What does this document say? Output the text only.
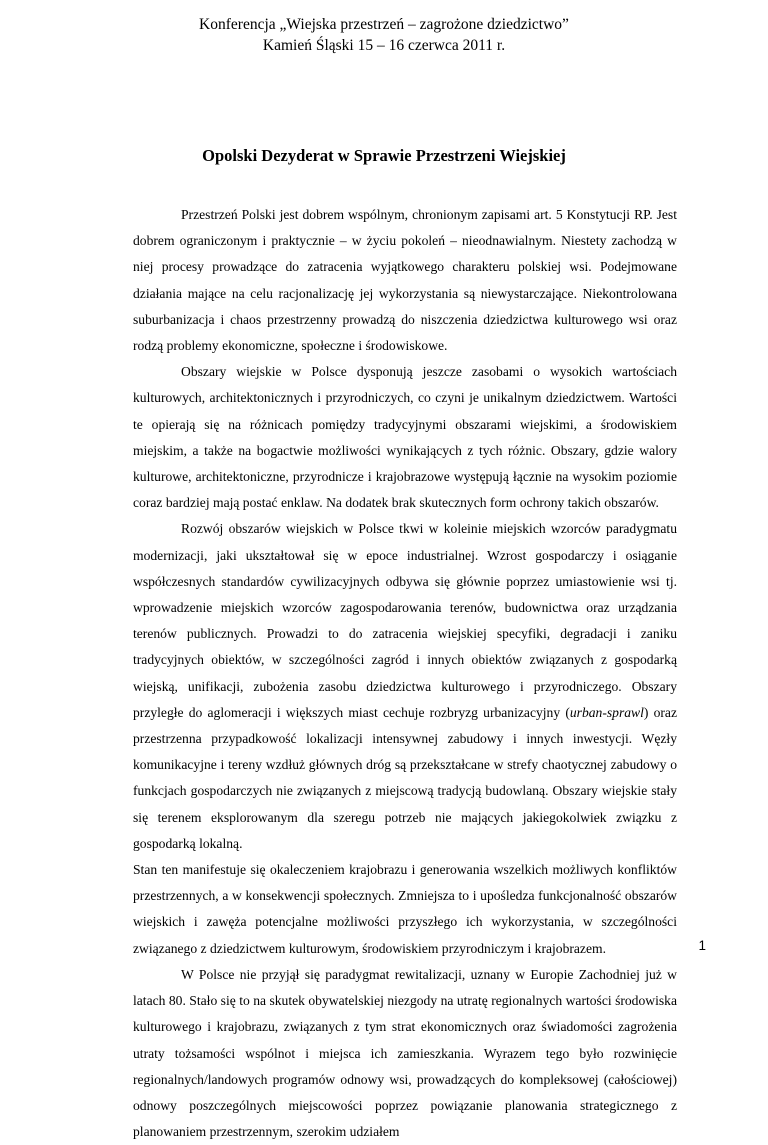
Konferencja „Wiejska przestrzeń – zagrożone dziedzictwo”
Kamień Śląski 15 – 16 czerwca 2011 r.
Opolski Dezyderat w Sprawie Przestrzeni Wiejskiej

Przestrzeń Polski jest dobrem wspólnym, chronionym zapisami art. 5 Konstytucji RP. Jest dobrem ograniczonym i praktycznie – w życiu pokoleń – nieodnawialnym. Niestety zachodzą w niej procesy prowadzące do zatracenia wyjątkowego charakteru polskiej wsi. Podejmowane działania mające na celu racjonalizację jej wykorzystania są niewystarczające. Niekontrolowana suburbanizacja i chaos przestrzenny prowadzą do niszczenia dziedzictwa kulturowego wsi oraz rodzą problemy ekonomiczne, społeczne i środowiskowe.

Obszary wiejskie w Polsce dysponują jeszcze zasobami o wysokich wartościach kulturowych, architektonicznych i przyrodniczych, co czyni je unikalnym dziedzictwem. Wartości te opierają się na różnicach pomiędzy tradycyjnymi obszarami wiejskimi, a środowiskiem miejskim, a także na bogactwie możliwości wynikających z tych różnic. Obszary, gdzie walory kulturowe, architektoniczne, przyrodnicze i krajobrazowe występują łącznie na wysokim poziomie coraz bardziej mają postać enklaw. Na dodatek brak skutecznych form ochrony takich obszarów.

Rozwój obszarów wiejskich w Polsce tkwi w koleinie miejskich wzorców paradygmatu modernizacji, jaki ukształtował się w epoce industrialnej. Wzrost gospodarczy i osiąganie współczesnych standardów cywilizacyjnych odbywa się głównie poprzez umiastowienie wsi tj. wprowadzenie miejskich wzorców zagospodarowania terenów, budownictwa oraz urządzania terenów publicznych. Prowadzi to do zatracenia wiejskiej specyfiki, degradacji i zaniku tradycyjnych obiektów, w szczególności zagród i innych obiektów związanych z gospodarką wiejską, unifikacji, zubożenia zasobu dziedzictwa kulturowego i przyrodniczego. Obszary przyległe do aglomeracji i większych miast cechuje rozbryzg urbanizacyjny (urban-sprawl) oraz przestrzenna przypadkowość lokalizacji intensywnej zabudowy i innych inwestycji. Węzły komunikacyjne i tereny wzdłuż głównych dróg są przekształcane w strefy chaotycznej zabudowy o funkcjach gospodarczych nie związanych z miejscową tradycją budowlaną. Obszary wiejskie stały się terenem eksplorowanym dla szeregu potrzeb nie mających jakiegokolwiek związku z gospodarką lokalną.

Stan ten manifestuje się okaleczeniem krajobrazu i generowania wszelkich możliwych konfliktów przestrzennych, a w konsekwencji społecznych. Zmniejsza to i upośledza funkcjonalność obszarów wiejskich i zawęża potencjalne możliwości przyszłego ich wykorzystania, w szczególności związanego z dziedzictwem kulturowym, środowiskiem przyrodniczym i krajobrazem.

W Polsce nie przyjął się paradygmat rewitalizacji, uznany w Europie Zachodniej już w latach 80. Stało się to na skutek obywatelskiej niezgody na utratę regionalnych wartości środowiska kulturowego i krajobrazu, związanych z tym strat ekonomicznych oraz świadomości zagrożenia utraty tożsamości wspólnot i miejsca ich zamieszkania. Wyrazem tego było rozwinięcie regionalnych/landowych programów odnowy wsi, prowadzących do kompleksowej (całościowej) odnowy poszczególnych miejscowości poprzez powiązanie planowania strategicznego z planowaniem przestrzennym, szerokim udziałem

1
